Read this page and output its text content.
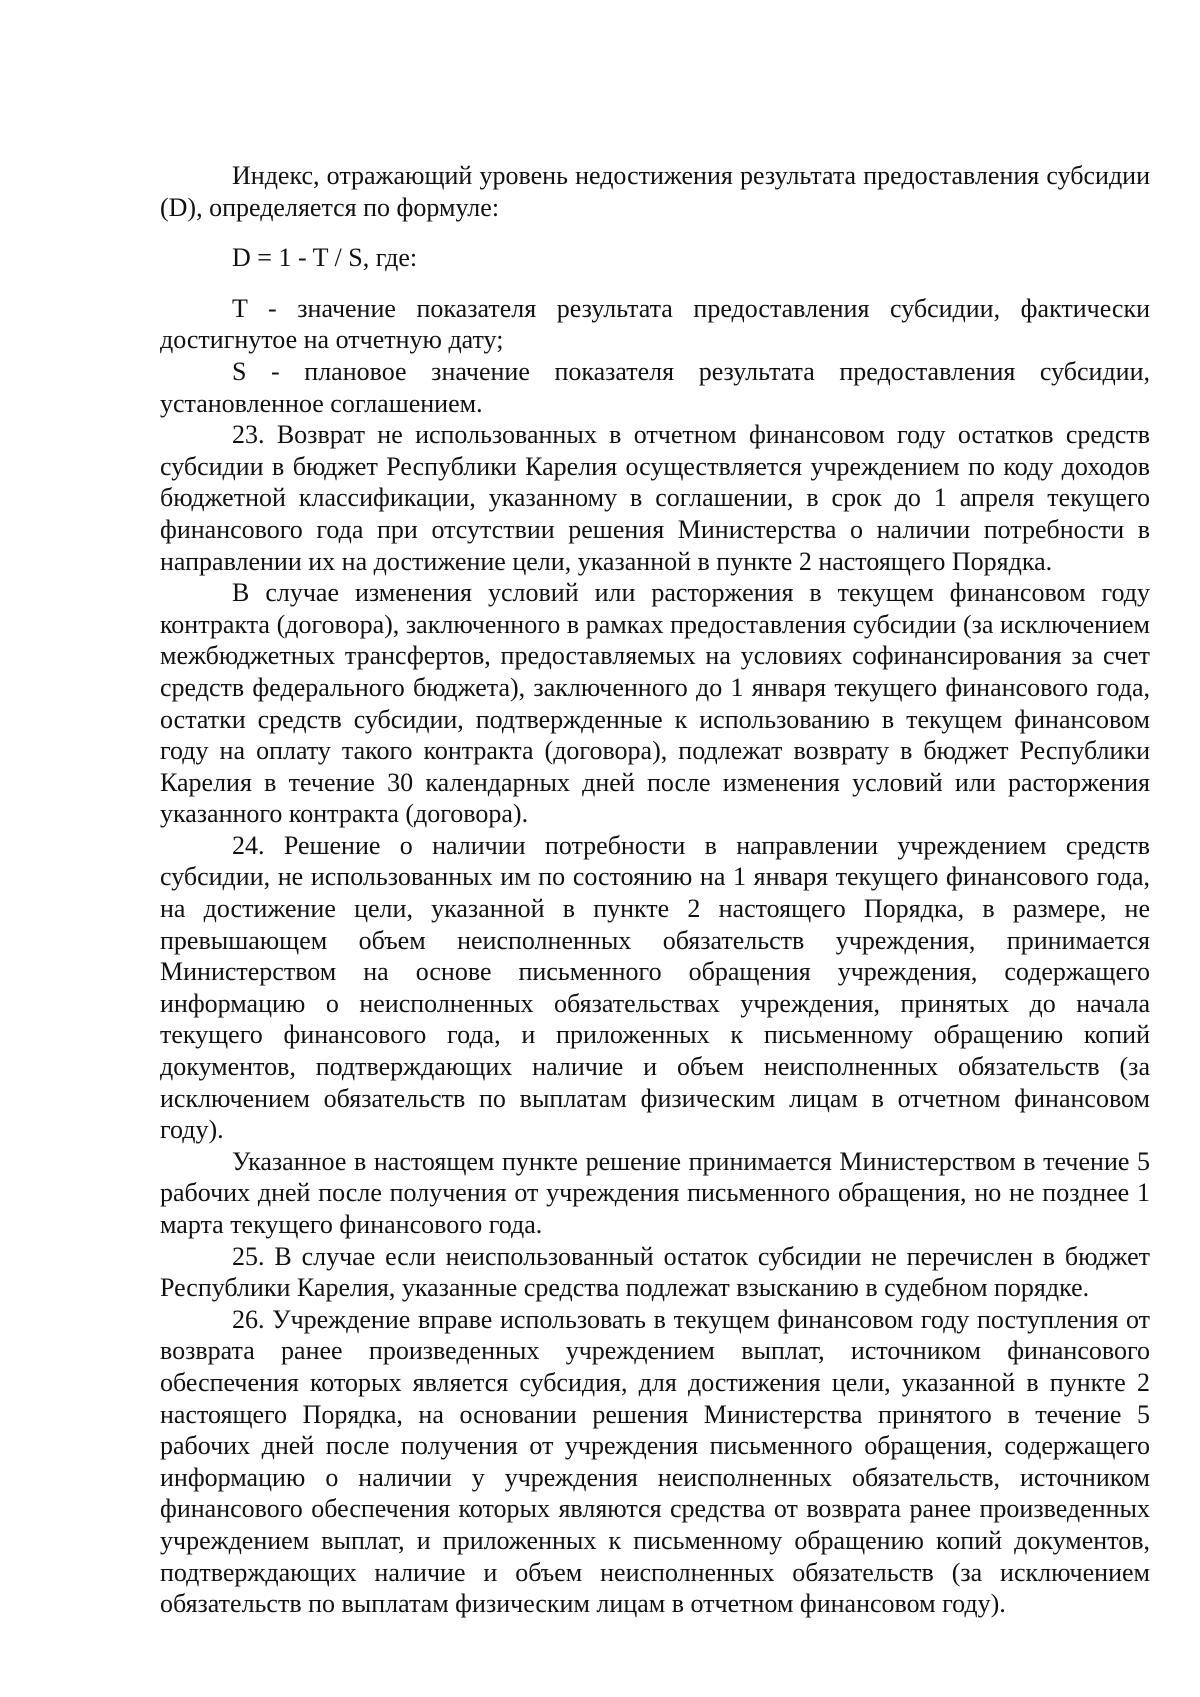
Индекс, отражающий уровень недостижения результата предоставления субсидии (D), определяется по формуле:

D = 1 - T / S, где:

T - значение показателя результата предоставления субсидии, фактически достигнутое на отчетную дату;

S - плановое значение показателя результата предоставления субсидии, установленное соглашением.

23. Возврат не использованных в отчетном финансовом году остатков средств субсидии в бюджет Республики Карелия осуществляется учреждением по коду доходов бюджетной классификации, указанному в соглашении, в срок до 1 апреля текущего финансового года при отсутствии решения Министерства о наличии потребности в направлении их на достижение цели, указанной в пункте 2 настоящего Порядка.

В случае изменения условий или расторжения в текущем финансовом году контракта (договора), заключенного в рамках предоставления субсидии (за исключением межбюджетных трансфертов, предоставляемых на условиях софинансирования за счет средств федерального бюджета), заключенного до 1 января текущего финансового года, остатки средств субсидии, подтвержденные к использованию в текущем финансовом году на оплату такого контракта (договора), подлежат возврату в бюджет Республики Карелия в течение 30 календарных дней после изменения условий или расторжения указанного контракта (договора).

24. Решение о наличии потребности в направлении учреждением средств субсидии, не использованных им по состоянию на 1 января текущего финансового года, на достижение цели, указанной в пункте 2 настоящего Порядка, в размере, не превышающем объем неисполненных обязательств учреждения, принимается Министерством на основе письменного обращения учреждения, содержащего информацию о неисполненных обязательствах учреждения, принятых до начала текущего финансового года, и приложенных к письменному обращению копий документов, подтверждающих наличие и объем неисполненных обязательств (за исключением обязательств по выплатам физическим лицам в отчетном финансовом году).

Указанное в настоящем пункте решение принимается Министерством в течение 5 рабочих дней после получения от учреждения письменного обращения, но не позднее 1 марта текущего финансового года.

25. В случае если неиспользованный остаток субсидии не перечислен в бюджет Республики Карелия, указанные средства подлежат взысканию в судебном порядке.

26. Учреждение вправе использовать в текущем финансовом году поступления от возврата ранее произведенных учреждением выплат, источником финансового обеспечения которых является субсидия, для достижения цели, указанной в пункте 2 настоящего Порядка, на основании решения Министерства принятого в течение 5 рабочих дней после получения от учреждения письменного обращения, содержащего информацию о наличии у учреждения неисполненных обязательств, источником финансового обеспечения которых являются средства от возврата ранее произведенных учреждением выплат, и приложенных к письменному обращению копий документов, подтверждающих наличие и объем неисполненных обязательств (за исключением обязательств по выплатам физическим лицам в отчетном финансовом году).
